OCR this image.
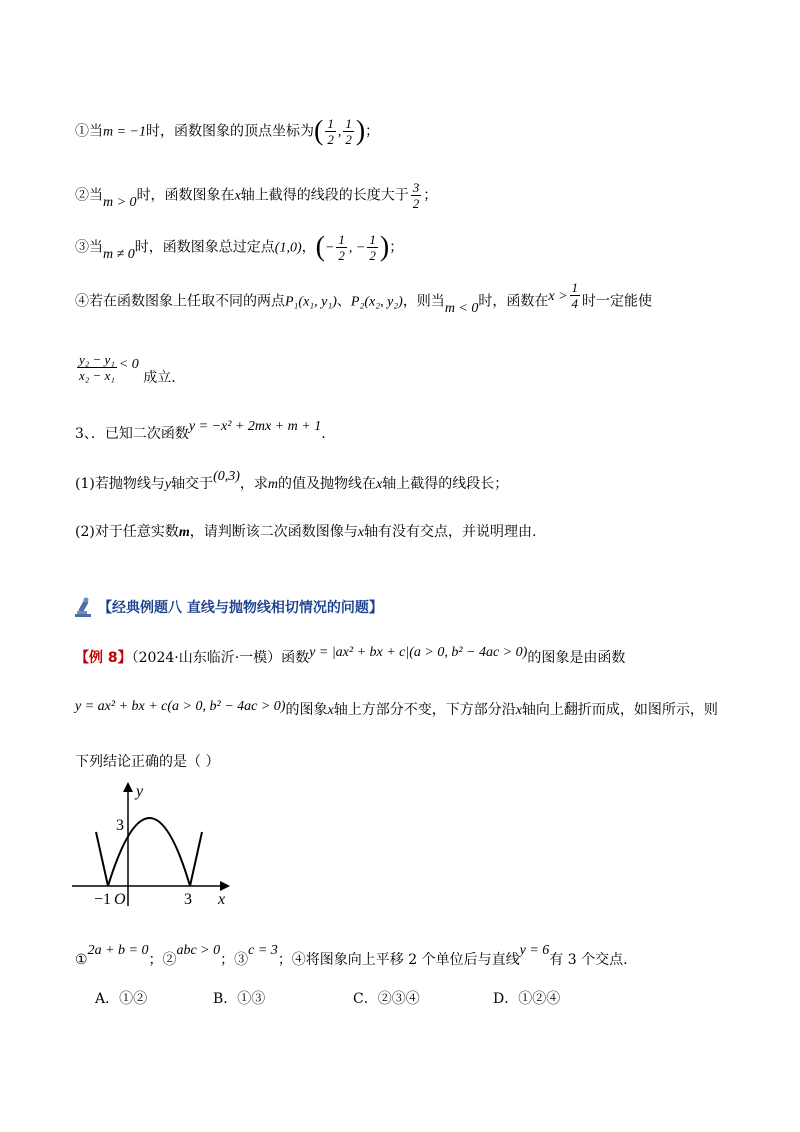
①当m = −1时，函数图象的顶点坐标为( $\frac{1}{2}$ , $\frac{1}{2}$ )；
②当m > 0时，函数图象在x轴上截得的线段的长度大于 $\frac{3}{2}$ ；
③当m ≠ 0时，函数图象总过定点(1,0)，(− $\frac{1}{2}$ , − $\frac{1}{2}$ )；
④若在函数图象上任取不同的两点P₁(x₁, y₁)、P₂(x₂, y₂)，则当m < 0时，函数在$x > \frac{1}{4}$ 时一定能使
$\frac{\text{y₂ − y₁}}{\text{x₂ − x₁}} < 0$ 成立.
3、．已知二次函数y = −x² + 2mx + m + 1.
(1)若抛物线与y轴交于(0,3)，求m的值及抛物线在x轴上截得的线段长；
(2)对于任意实数m，请判断该二次函数图像与x轴有没有交点，并说明理由.
【经典例题八 直线与抛物线相切情况的问题】
【例 8】（2024·山东临沂·一模）函数y = |ax² + bx + c|(a > 0, b² − 4ac > 0)的图象是由函数
y = ax² + bx + c(a > 0, b² − 4ac > 0)的图象x轴上方部分不变，下方部分沿x轴向上翻折而成，如图所示，则
下列结论正确的是（ ）
y
3
−1 O	3 x
①2a + b = 0；②abc > 0；③c = 3；④将图象向上平移 2 个单位后与直线y = 6有 3 个交点.
A．①②	B．①③	C．②③④	D．①②④
